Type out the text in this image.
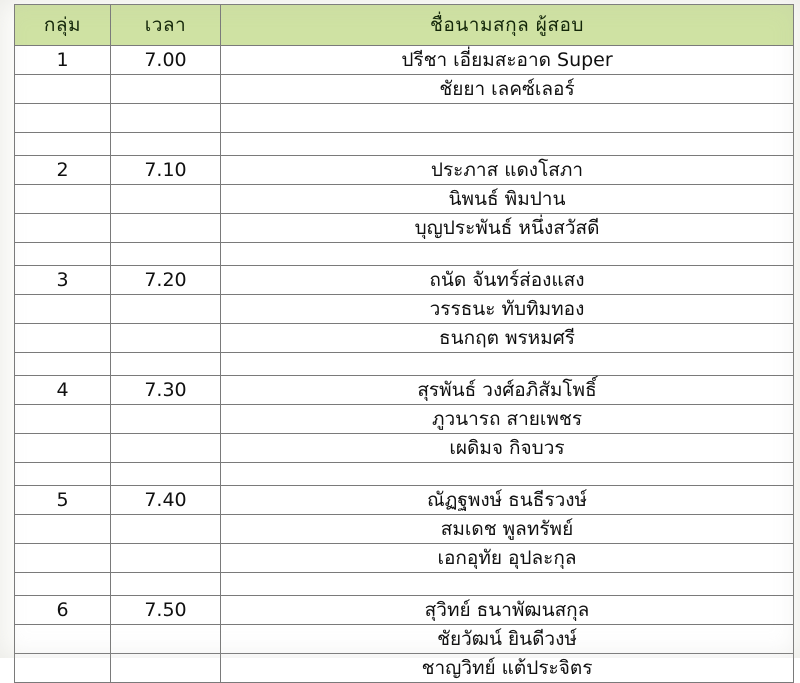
กลุ่ม	เวลา	ชื่อนามสกุล ผู้สอบ

1	7.00	ปรีชา เอี่ยมสะอาด Super

		ชัยยา เลคซ์เลอร์

2	7.10	ประภาส แดงโสภา

		นิพนธ์ พิมปาน

		บุญประพันธ์ หนึ่งสวัสดี

3	7.20	ถนัด จันทร์ส่องแสง

		วรรธนะ ทับทิมทอง

		ธนกฤต พรหมศรี

4	7.30	สุรพันธ์ วงศ์อภิสัมโพธิ์

		ภูวนารถ สายเพชร

		เผดิมจ กิจบวร

5	7.40	ณัฏฐพงษ์ ธนธีรวงษ์

		สมเดช พูลทรัพย์

		เอกอุทัย อุปละกุล

6	7.50	สุวิทย์ ธนาพัฒนสกุล

		ชัยวัฒน์ ยินดีวงษ์

		ชาญวิทย์ แต้ประจิตร
